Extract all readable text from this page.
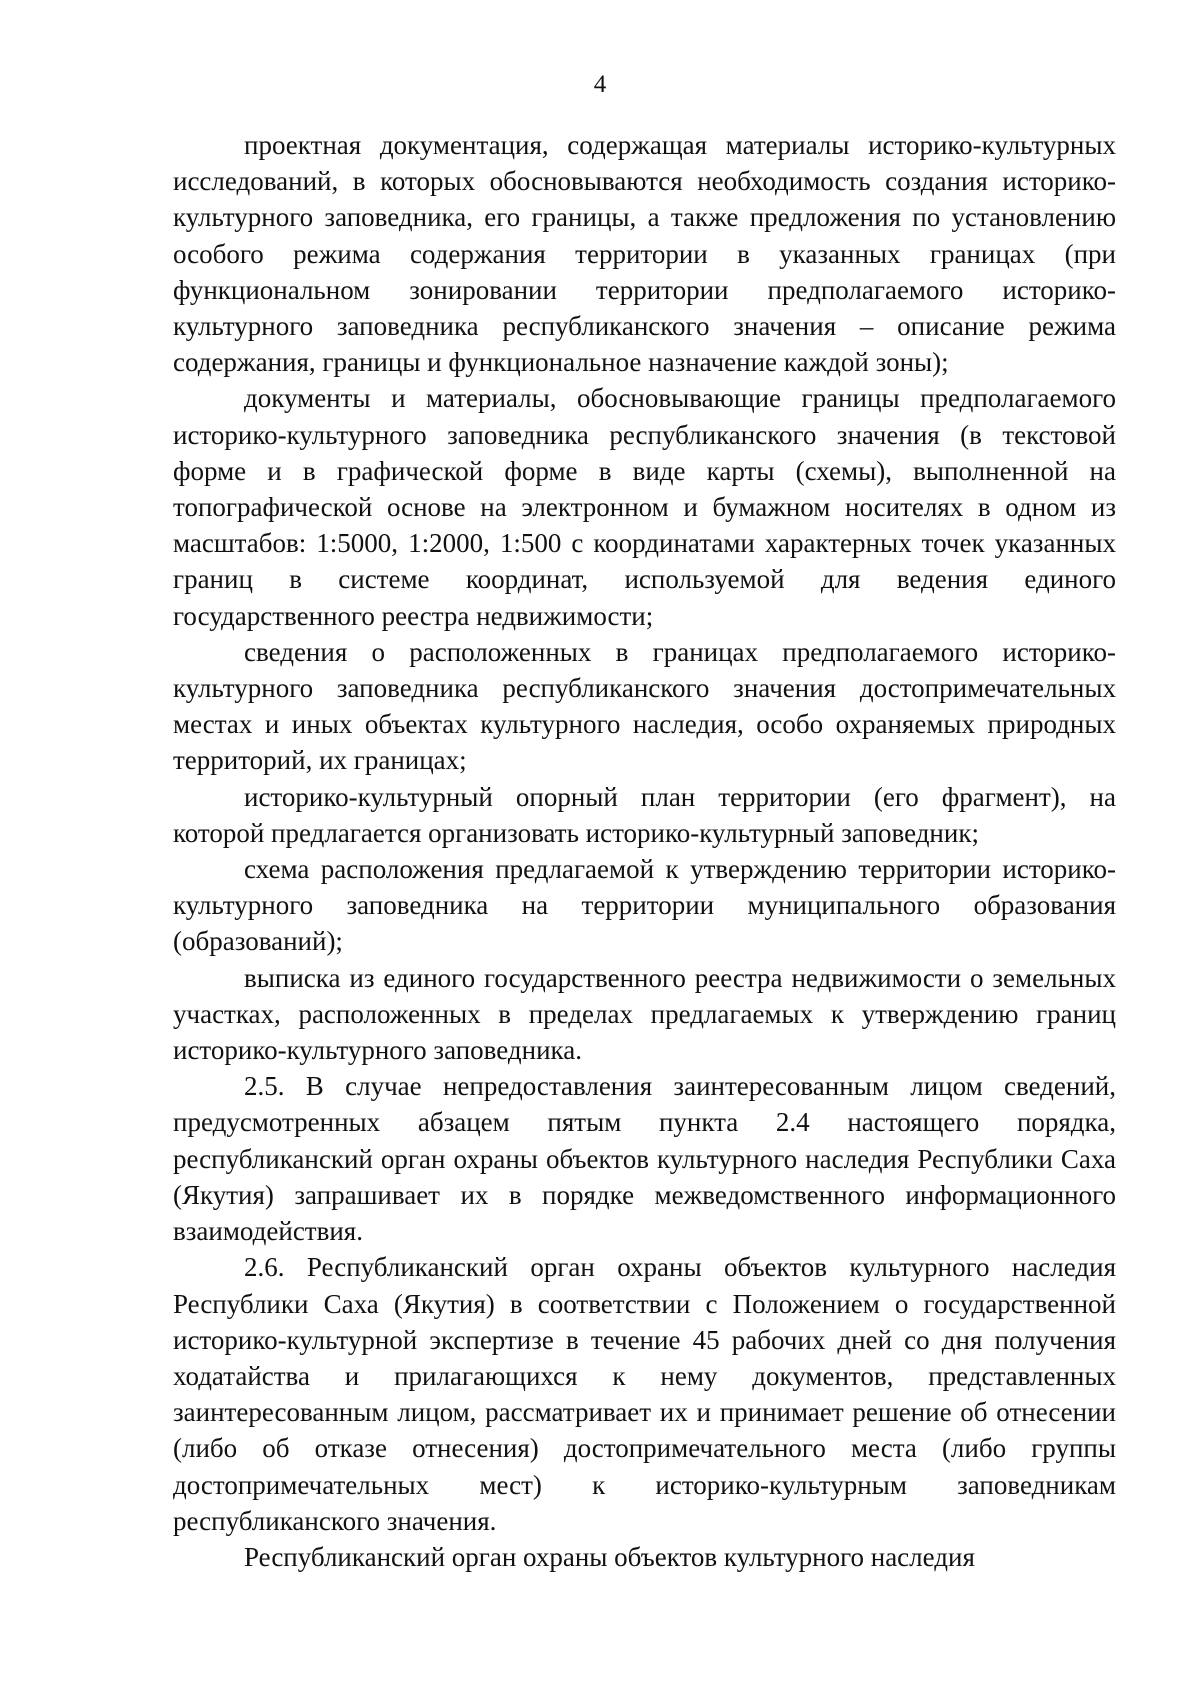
4

проектная документация, содержащая материалы историко-культурных исследований, в которых обосновываются необходимость создания историко-культурного заповедника, его границы, а также предложения по установлению особого режима содержания территории в указанных границах (при функциональном зонировании территории предполагаемого историко-культурного заповедника республиканского значения – описание режима содержания, границы и функциональное назначение каждой зоны);

документы и материалы, обосновывающие границы предполагаемого историко-культурного заповедника республиканского значения (в текстовой форме и в графической форме в виде карты (схемы), выполненной на топографической основе на электронном и бумажном носителях в одном из масштабов: 1:5000, 1:2000, 1:500 с координатами характерных точек указанных границ в системе координат, используемой для ведения единого государственного реестра недвижимости;

сведения о расположенных в границах предполагаемого историко-культурного заповедника республиканского значения достопримечательных местах и иных объектах культурного наследия, особо охраняемых природных территорий, их границах;

историко-культурный опорный план территории (его фрагмент), на которой предлагается организовать историко-культурный заповедник;

схема расположения предлагаемой к утверждению территории историко-культурного заповедника на территории муниципального образования (образований);

выписка из единого государственного реестра недвижимости о земельных участках, расположенных в пределах предлагаемых к утверждению границ историко-культурного заповедника.

2.5. В случае непредоставления заинтересованным лицом сведений, предусмотренных абзацем пятым пункта 2.4 настоящего порядка, республиканский орган охраны объектов культурного наследия Республики Саха (Якутия) запрашивает их в порядке межведомственного информационного взаимодействия.

2.6. Республиканский орган охраны объектов культурного наследия Республики Саха (Якутия) в соответствии с Положением о государственной историко-культурной экспертизе в течение 45 рабочих дней со дня получения ходатайства и прилагающихся к нему документов, представленных заинтересованным лицом, рассматривает их и принимает решение об отнесении (либо об отказе отнесения) достопримечательного места (либо группы достопримечательных мест) к историко-культурным заповедникам республиканского значения.

Республиканский орган охраны объектов культурного наследия
